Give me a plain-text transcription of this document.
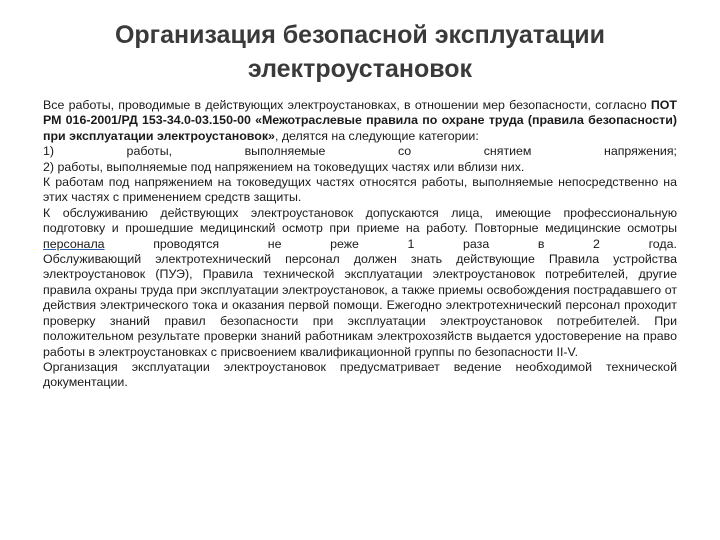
Организация безопасной эксплуатации
электроустановок

Все работы, проводимые в действующих электроустановках, в отношении мер безопасности, согласно ПОТ РМ 016-2001/РД 153-34.0-03.150-00 «Межотраслевые правила по охране труда (правила безопасности) при эксплуатации электроустановок», делятся на следующие категории:

1) работы, выполняемые со снятием напряжения;

2) работы, выполняемые под напряжением на токоведущих частях или вблизи них.

К работам под напряжением на токоведущих частях относятся работы, выполняемые непосредственно на этих частях с применением средств защиты.

К обслуживанию действующих электроустановок допускаются лица, имеющие профессиональную подготовку и прошедшие медицинский осмотр при приеме на работу. Повторные медицинские осмотры персонала проводятся не реже 1 раза в 2 года.

Обслуживающий электротехнический персонал должен знать действующие Правила устройства электроустановок (ПУЭ), Правила технической эксплуатации электроустановок потребителей, другие правила охраны труда при эксплуатации электроустановок, а также приемы освобождения пострадавшего от действия электрического тока и оказания первой помощи. Ежегодно электротехнический персонал проходит проверку знаний правил безопасности при эксплуатации электроустановок потребителей. При положительном результате проверки знаний работникам электрохозяйств выдается удостоверение на право работы в электроустановках с присвоением квалификационной группы по безопасности II-V.

Организация эксплуатации электроустановок предусматривает ведение необходимой технической документации.
